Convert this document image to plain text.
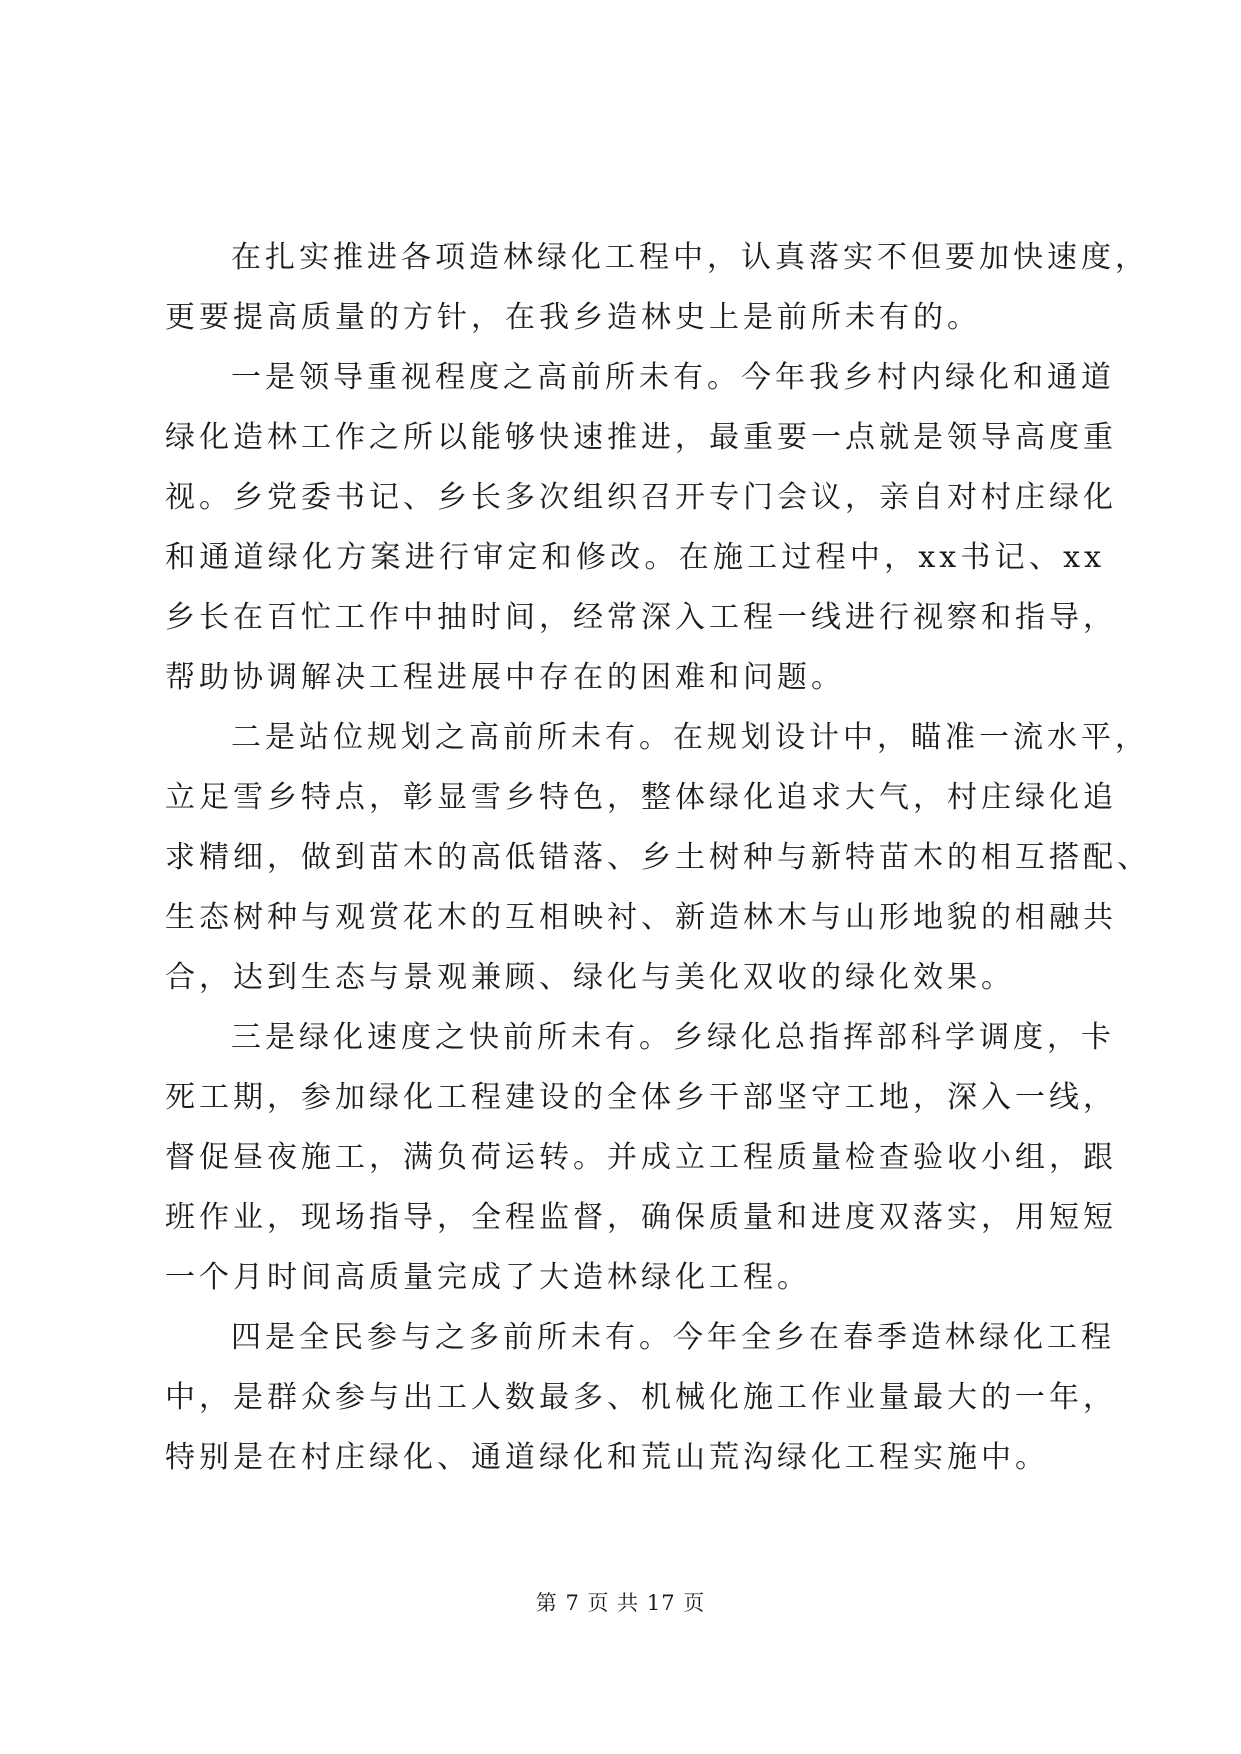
在扎实推进各项造林绿化工程中，认真落实不但要加快速度，
更要提高质量的方针，在我乡造林史上是前所未有的。
一是领导重视程度之高前所未有。今年我乡村内绿化和通道
绿化造林工作之所以能够快速推进，最重要一点就是领导高度重
视。乡党委书记、乡长多次组织召开专门会议，亲自对村庄绿化
和通道绿化方案进行审定和修改。在施工过程中，xx书记、xx
乡长在百忙工作中抽时间，经常深入工程一线进行视察和指导，
帮助协调解决工程进展中存在的困难和问题。
二是站位规划之高前所未有。在规划设计中，瞄准一流水平，
立足雪乡特点，彰显雪乡特色，整体绿化追求大气，村庄绿化追
求精细，做到苗木的高低错落、乡土树种与新特苗木的相互搭配、
生态树种与观赏花木的互相映衬、新造林木与山形地貌的相融共
合，达到生态与景观兼顾、绿化与美化双收的绿化效果。
三是绿化速度之快前所未有。乡绿化总指挥部科学调度，卡
死工期，参加绿化工程建设的全体乡干部坚守工地，深入一线，
督促昼夜施工，满负荷运转。并成立工程质量检查验收小组，跟
班作业，现场指导，全程监督，确保质量和进度双落实，用短短
一个月时间高质量完成了大造林绿化工程。
四是全民参与之多前所未有。今年全乡在春季造林绿化工程
中，是群众参与出工人数最多、机械化施工作业量最大的一年，
特别是在村庄绿化、通道绿化和荒山荒沟绿化工程实施中。
第 7 页 共 17 页
